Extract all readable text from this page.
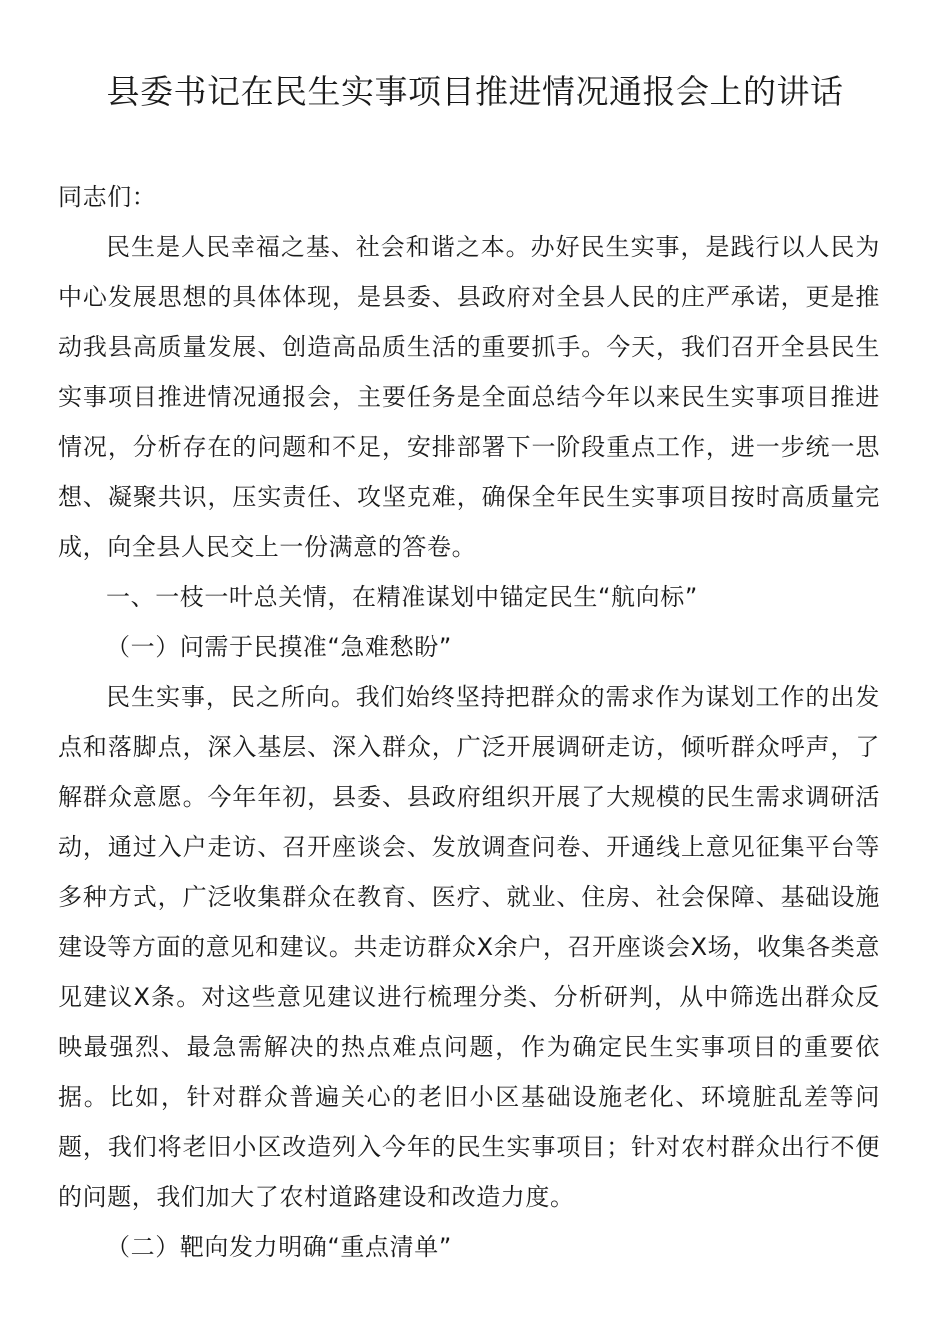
县委书记在民生实事项目推进情况通报会上的讲话

同志们：

民生是人民幸福之基、社会和谐之本。办好民生实事，是践行以人民为中心发展思想的具体体现，是县委、县政府对全县人民的庄严承诺，更是推动我县高质量发展、创造高品质生活的重要抓手。今天，我们召开全县民生实事项目推进情况通报会，主要任务是全面总结今年以来民生实事项目推进情况，分析存在的问题和不足，安排部署下一阶段重点工作，进一步统一思想、凝聚共识，压实责任、攻坚克难，确保全年民生实事项目按时高质量完成，向全县人民交上一份满意的答卷。

一、一枝一叶总关情，在精准谋划中锚定民生“航向标”

（一）问需于民摸准“急难愁盼”

民生实事，民之所向。我们始终坚持把群众的需求作为谋划工作的出发点和落脚点，深入基层、深入群众，广泛开展调研走访，倾听群众呼声，了解群众意愿。今年年初，县委、县政府组织开展了大规模的民生需求调研活动，通过入户走访、召开座谈会、发放调查问卷、开通线上意见征集平台等多种方式，广泛收集群众在教育、医疗、就业、住房、社会保障、基础设施建设等方面的意见和建议。共走访群众X余户，召开座谈会X场，收集各类意见建议X条。对这些意见建议进行梳理分类、分析研判，从中筛选出群众反映最强烈、最急需解决的热点难点问题，作为确定民生实事项目的重要依据。比如，针对群众普遍关心的老旧小区基础设施老化、环境脏乱差等问题，我们将老旧小区改造列入今年的民生实事项目；针对农村群众出行不便的问题，我们加大了农村道路建设和改造力度。

（二）靶向发力明确“重点清单”
